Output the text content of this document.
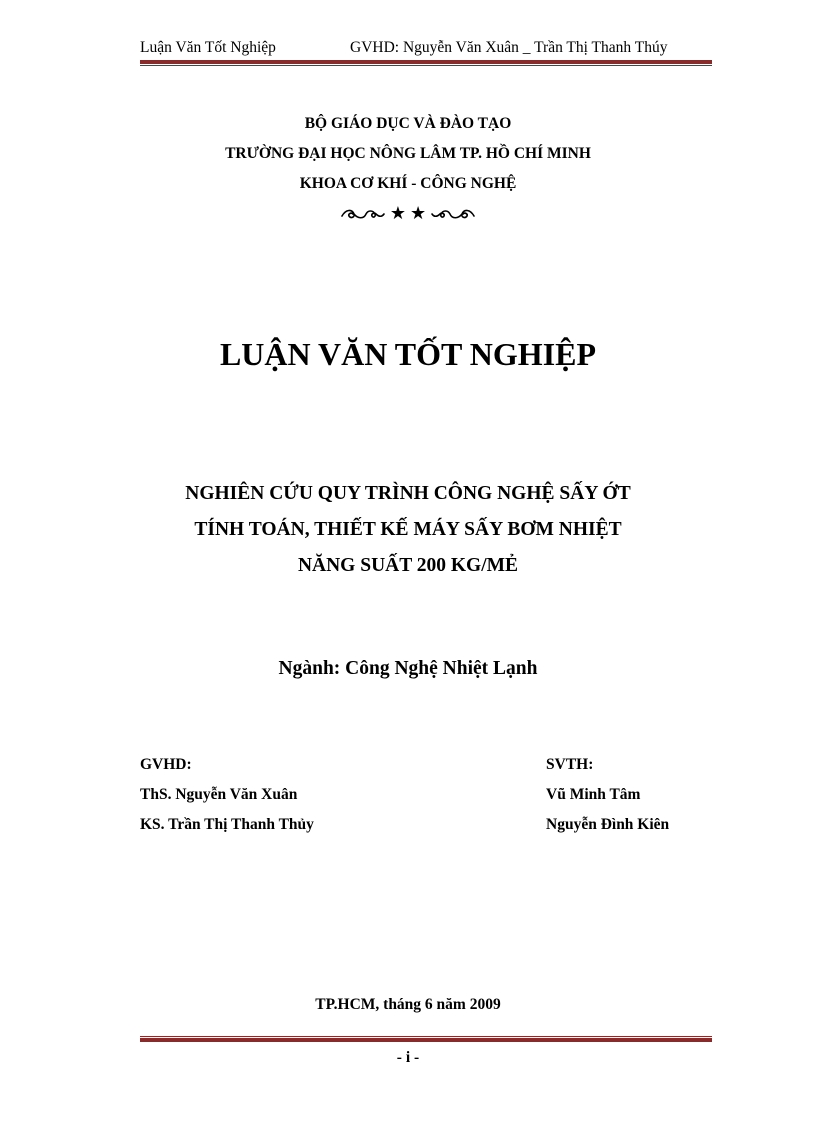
Luận Văn Tốt Nghiệp	GVHD: Nguyễn Văn Xuân _ Trần Thị Thanh Thúy
BỘ GIÁO DỤC VÀ ĐÀO TẠO
TRƯỜNG ĐẠI HỌC NÔNG LÂM TP. HỒ CHÍ MINH
KHOA CƠ KHÍ - CÔNG NGHỆ
★ ★
LUẬN VĂN TỐT NGHIỆP
NGHIÊN CỨU QUY TRÌNH CÔNG NGHỆ SẤY ỚT
TÍNH TOÁN, THIẾT KẾ MÁY SẤY BƠM NHIỆT
NĂNG SUẤT 200 KG/MẺ
Ngành: Công Nghệ Nhiệt Lạnh
GVHD:
ThS. Nguyễn Văn Xuân
KS. Trần Thị Thanh Thủy
SVTH:
Vũ Minh Tâm
Nguyễn Đình Kiên
TP.HCM, tháng 6 năm 2009
- i -
